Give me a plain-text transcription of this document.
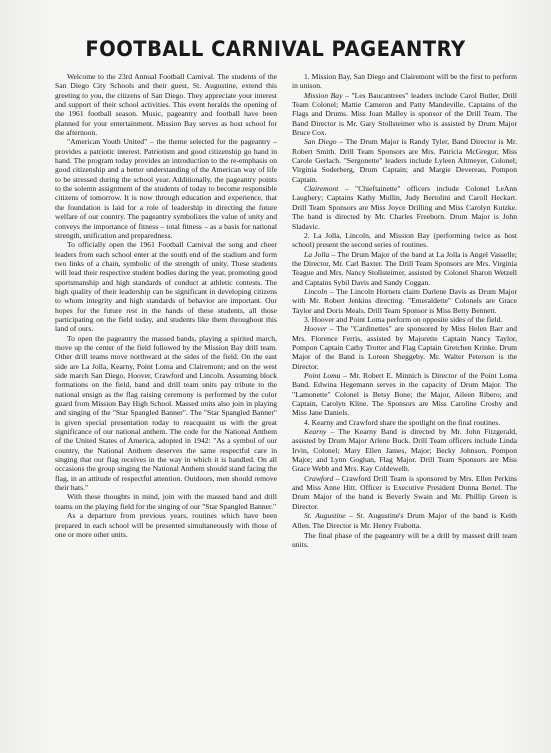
FOOTBALL CARNIVAL PAGEANTRY

Welcome to the 23rd Annual Football Carnival. The students of the San Diego City Schools and their guest, St. Augustine, extend this greeting to you, the citizens of San Diego. They appreciate your interest and support of their school activities. This event heralds the opening of the 1961 football season. Music, pageantry and football have been planned for your entertainment. Mission Bay serves as host school for the afternoon.

"American Youth United" – the theme selected for the pageantry – provides a patriotic interest. Patriotism and good citizenship go hand in hand. The program today provides an introduction to the re-emphasis on good citizenship and a better understanding of the American way of life to be stressed during the school year. Additionally, the pageantry points to the solemn assignment of the students of today to become responsible citizens of tomorrow. It is now through education and experience, that the foundation is laid for a role of leadership in directing the future welfare of our country. The pageantry symbolizes the value of unity and conveys the importance of fitness – total fitness – as a basis for national strength, unification and preparedness.

To officially open the 1961 Football Carnival the song and cheer leaders from each school enter at the south end of the stadium and form two links of a chain, symbolic of the strength of unity. These students will lead their respective student bodies during the year, promoting good sportsmanship and high standards of conduct at athletic contests. The high quality of their leadership can be significant in developing citizens to whom integrity and high standards of behavior are important. Our hopes for the future rest in the hands of these students, all those participating on the field today, and students like them throughout this land of ours.

To open the pageantry the massed bands, playing a spirited march, move up the center of the field followed by the Mission Bay drill team. Other drill teams move northward at the sides of the field. On the east side are La Jolla, Kearny, Point Loma and Clairemont; and on the west side march San Diego, Hoover, Crawford and Lincoln. Assuming block formations on the field, band and drill team units pay tribute to the national ensign as the flag raising ceremony is performed by the color guard from Mission Bay High School. Massed units also join in playing and singing of the "Star Spangled Banner". The "Star Spangled Banner" is given special presentation today to reacquaint us with the great significance of our national anthem. The code for the National Anthem of the United States of America, adopted in 1942: "As a symbol of our country, the National Anthem deserves the same respectful care in singing that our flag receives in the way in which it is handled. On all occasions the group singing the National Anthem should stand facing the flag, in an attitude of respectful attention. Outdoors, men should remove their hats."

With these thoughts in mind, join with the massed band and drill teams on the playing field for the singing of our "Star Spangled Banner."

As a departure from previous years, routines which have been prepared in each school will be presented simultaneously with those of one or more other units.

1. Mission Bay, San Diego and Clairemont will be the first to perform in unison.

Mission Bay – "Les Baucantrees" leaders include Carol Butler, Drill Team Colonel; Mattie Cameron and Patty Mandeville, Captains of the Flags and Drums. Miss Joan Malley is sponsor of the Drill Team. The Band Director is Mr. Gary Stollsteimer who is assisted by Drum Major Bruce Cox.

San Diego – The Drum Major is Randy Tyler, Band Director is Mr. Robert Smith. Drill Team Sponsors are Mrs. Patricia McGregor, Miss Carole Gerlach. "Sergonette" leaders include Lyleen Altmeyer, Colonel; Virginia Soderberg, Drum Captain; and Margie Devereau, Pompon Captain.

Clairemont – "Chieftainette" officers include Colonel LeAnn Laughery; Captains Kathy Mullin, Judy Bertolini and Caroll Heckart. Drill Team Sponsors are Miss Joyce Drilling and Miss Carolyn Kutzke. The band is directed by Mr. Charles Freeborn. Drum Major is John Sladavic.

2. La Jolla, Lincoln, and Mission Bay (performing twice as host school) present the second series of routines.

La Jolla – The Drum Major of the band at La Jolla is Angel Vasselle; the Director, Mr. Carl Baxter. The Drill Team Sponsors are Mrs. Virginia Teague and Mrs. Nancy Stollsteimer, assisted by Colonel Sharon Wetzell and Captains Sybil Davis and Sandy Coggan.

Lincoln – The Lincoln Hornets claim Darlene Davis as Drum Major with Mr. Robert Jenkins directing. "Emeraldette" Colonels are Grace Taylor and Doris Meals. Drill Team Sponsor is Miss Betty Bennett.

3. Hoover and Point Loma perform on opposite sides of the field.

Hoover – The "Cardinettes" are sponsored by Miss Helen Barr and Mrs. Florence Ferris, assisted by Majorette Captain Nancy Taylor, Pompon Captain Cathy Trotter and Flag Captain Gretchen Krinke. Drum Major of the Band is Loreen Sheggeby. Mr. Walter Peterson is the Director.

Point Loma – Mr. Robert E. Minnich is Director of the Point Loma Band. Edwina Hegemann serves in the capacity of Drum Major. The "Lamonette" Colonel is Betsy Bone; the Major, Aileen Ribero; and Captain, Carolyn Kline. The Sponsors are Miss Caroline Crosby and Miss Jane Daniels.

4. Kearny and Crawford share the spotlight on the final routines.

Kearny – The Kearny Band is directed by Mr. John Fitzgerald, assisted by Drum Major Arlene Buck. Drill Team officers include Linda Irvin, Colonel; Mary Ellen James, Major; Becky Johnson, Pompon Major; and Lynn Goghan, Flag Major. Drill Team Sponsors are Miss Grace Webb and Mrs. Kay Coldewelh.

Crawford – Crawford Drill Team is sponsored by Mrs. Ellen Perkins and Miss Anne Hitt. Officer is Executive President Donna Bertel. The Drum Major of the band is Beverly Swain and Mr. Phillip Green is Director.

St. Augustine – St. Augustine's Drum Major of the band is Keith Allen. The Director is Mr. Henry Frabotta.

The final phase of the pageantry will be a drill by massed drill team units.
